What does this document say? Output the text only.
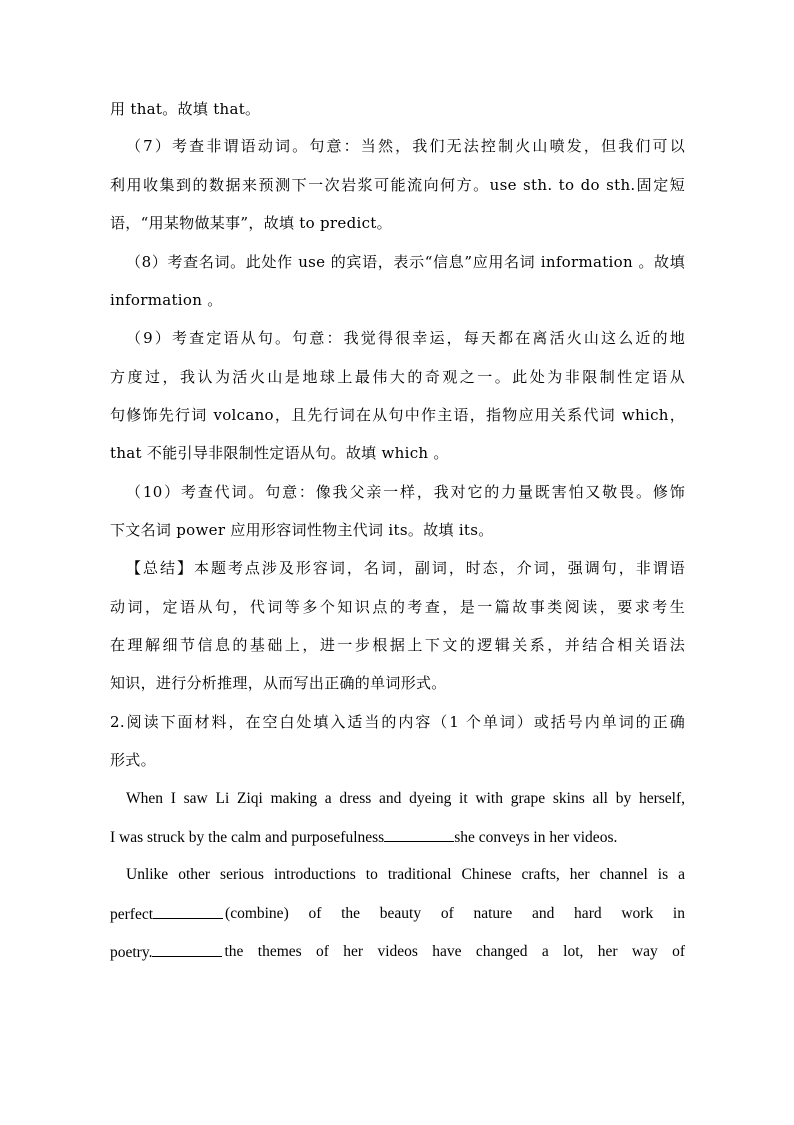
用 that。故填 that。
（7）考查非谓语动词。句意：当然，我们无法控制火山喷发，但我们可以
利用收集到的数据来预测下一次岩浆可能流向何方。use sth. to do sth.固定短
语，“用某物做某事”，故填 to predict。
（8）考查名词。此处作 use 的宾语，表示“信息”应用名词 information 。故填
information 。
（9）考查定语从句。句意：我觉得很幸运，每天都在离活火山这么近的地
方度过，我认为活火山是地球上最伟大的奇观之一。此处为非限制性定语从
句修饰先行词 volcano，且先行词在从句中作主语，指物应用关系代词 which，
that 不能引导非限制性定语从句。故填 which 。
（10）考查代词。句意：像我父亲一样，我对它的力量既害怕又敬畏。修饰
下文名词 power 应用形容词性物主代词 its。故填 its。
【总结】本题考点涉及形容词，名词，副词，时态，介词，强调句，非谓语
动词，定语从句，代词等多个知识点的考查，是一篇故事类阅读，要求考生
在理解细节信息的基础上，进一步根据上下文的逻辑关系，并结合相关语法
知识，进行分析推理，从而写出正确的单词形式。
2.阅读下面材料，在空白处填入适当的内容（1 个单词）或括号内单词的正确
形式。
When I saw Li Ziqi making a dress and dyeing it with grape skins all by herself,
I was struck by the calm and purposefulness	she conveys in her videos.
Unlike other serious introductions to traditional Chinese crafts, her channel is a
perfect	(combine) of the beauty of nature and hard work in
poetry.	the themes of her videos have changed a lot, her way of
